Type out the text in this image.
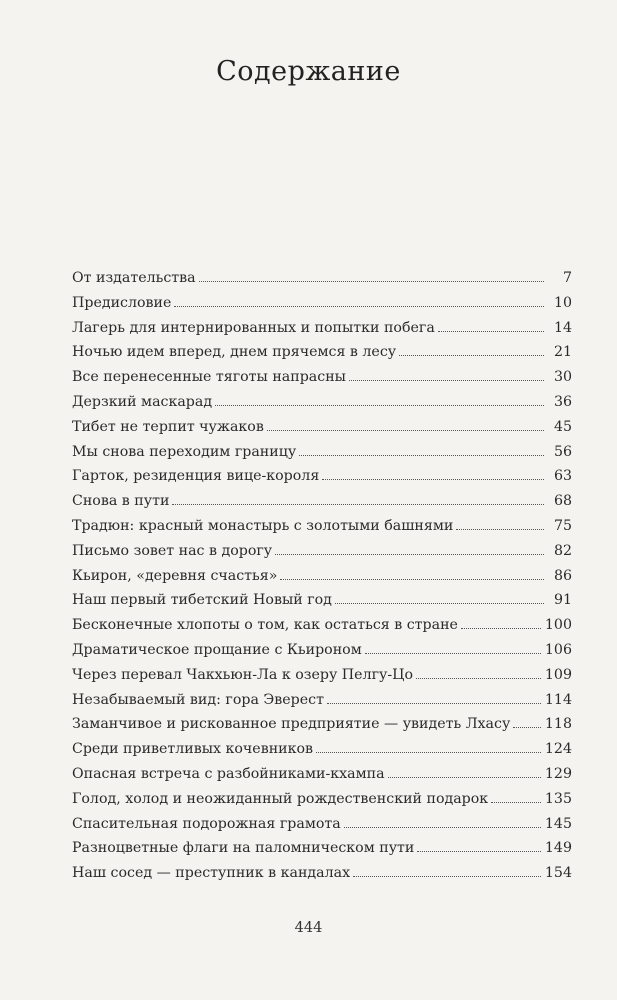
Содержание
От издательства	7
Предисловие	10
Лагерь для интернированных и попытки побега	14
Ночью идем вперед, днем прячемся в лесу	21
Все перенесенные тяготы напрасны	30
Дерзкий маскарад	36
Тибет не терпит чужаков	45
Мы снова переходим границу	56
Гарток, резиденция вице-короля	63
Снова в пути	68
Традюн: красный монастырь с золотыми башнями	75
Письмо зовет нас в дорогу	82
Кьирон, «деревня счастья»	86
Наш первый тибетский Новый год	91
Бесконечные хлопоты о том, как остаться в стране	100
Драматическое прощание с Кьироном	106
Через перевал Чакхьюн-Ла к озеру Пелгу-Цо	109
Незабываемый вид: гора Эверест	114
Заманчивое и рискованное предприятие — увидеть Лхасу 118
Среди приветливых кочевников	124
Опасная встреча с разбойниками-кхампа	129
Голод, холод и неожиданный рождественский подарок	135
Спасительная подорожная грамота	145
Разноцветные флаги на паломническом пути	149
Наш сосед — преступник в кандалах	154
444
